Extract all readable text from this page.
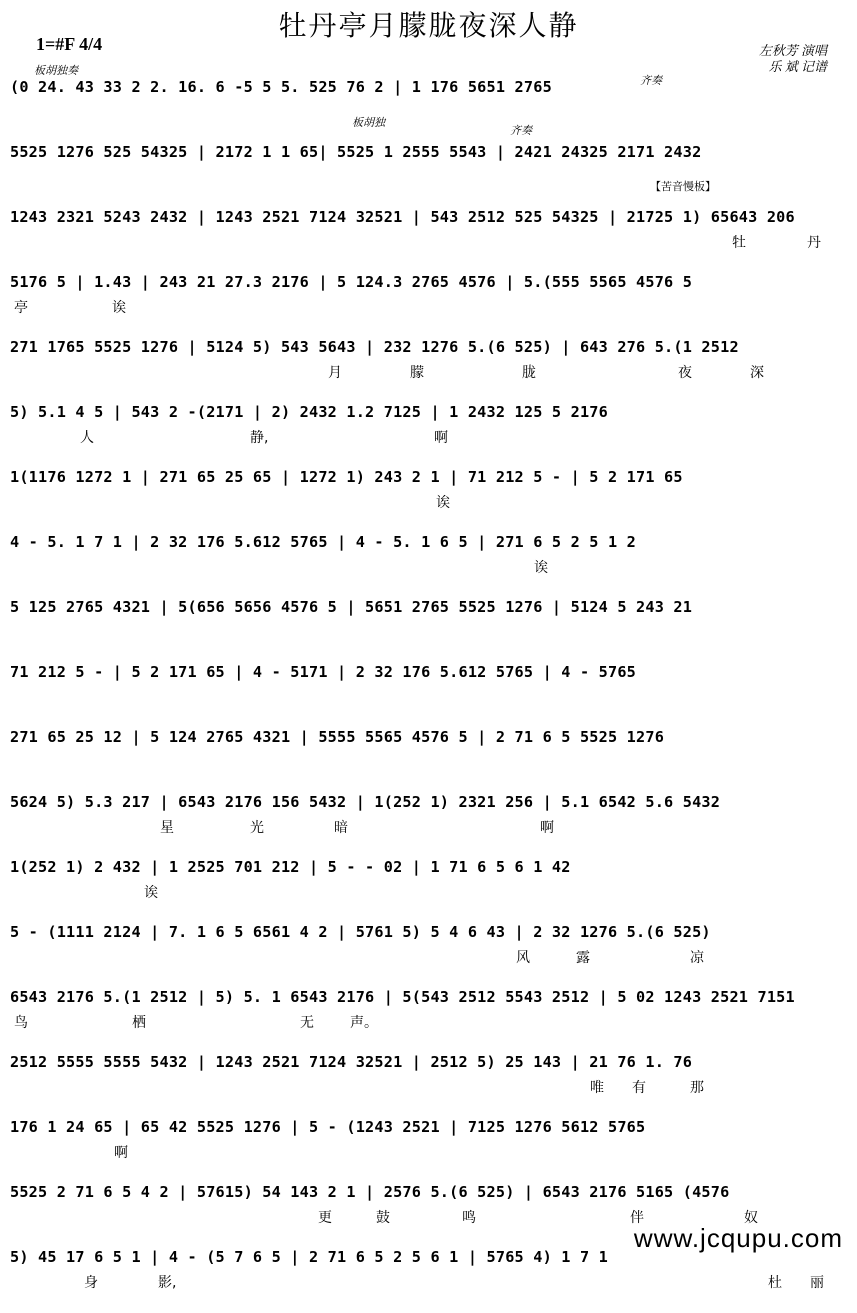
牡丹亭月朦胧夜深人静
1=#F 4/4	左秋芳 演唱
乐 斌 记谱
板胡独奏
齐奏
板胡独
齐奏
【苦音慢板】
(0 24. 43 33 2 2. 16. 6 -5 5 5. 525 76 2 | 1 176 5651 2765
5525 1276 525 54325 | 2172 1 1 65| 5525 1 2555 5543 | 2421 24325 2171 2432
1243 2321 5243 2432 | 1243 2521 7124 32521 | 543 2512 525 54325 | 21725 1) 65643 206
牡	丹
5176 5 | 1.43 | 243 21 27.3 2176 | 5 124.3 2765 4576 | 5.(555 5565 4576 5
亭	诶
271 1765 5525 1276 | 5124 5) 543 5643 | 232 1276 5.(6 525) | 643 276 5.(1 2512
月	朦	胧	夜	深
5) 5.1 4 5 | 543 2 -(2171 | 2) 2432 1.2 7125 | 1 2432 125 5 2176
人	静,	啊
1(1176 1272 1 | 271 65 25 65 | 1272 1) 243 2 1 | 71 212 5 - | 5 2 171 65
诶
4 - 5. 1 7 1 | 2 32 176 5.612 5765 | 4 - 5. 1 6 5 | 271 6 5 2 5 1 2
诶
5 125 2765 4321 | 5(656 5656 4576 5 | 5651 2765 5525 1276 | 5124 5 243 21
71 212 5 - | 5 2 171 65 | 4 - 5171 | 2 32 176 5.612 5765 | 4 - 5765
271 65 25 12 | 5 124 2765 4321 | 5555 5565 4576 5 | 2 71 6 5 5525 1276
5624 5) 5.3 217 | 6543 2176 156 5432 | 1(252 1) 2321 256 | 5.1 6542 5.6 5432
星	光	暗	啊
1(252 1) 2 432 | 1 2525 701 212 | 5 - - 02 | 1 71 6 5 6 1 42
诶
5 - (1111 2124 | 7. 1 6 5 6561 4 2 | 5761 5) 5 4 6 43 | 2 32 1276 5.(6 525)
风	露	凉
6543 2176 5.(1 2512 | 5) 5. 1 6543 2176 | 5(543 2512 5543 2512 | 5 02 1243 2521 7151
鸟	栖	无	声。
2512 5555 5555 5432 | 1243 2521 7124 32521 | 2512 5) 25 143 | 21 76 1. 76
唯 有	那
176 1 24 65 | 65 42 5525 1276 | 5 - (1243 2521 | 7125 1276 5612 5765
啊
5525 2 71 6 5 4 2 | 57615) 54 143 2 1 | 2576 5.(6 525) | 6543 2176 5165 (4576
更	鼓	鸣	伴	奴
5) 45 17 6 5 1 | 4 - (5 7 6 5 | 2 71 6 5 2 5 6 1 | 5765 4) 1 7 1
身	影,	杜 丽
www.jcqupu.com
